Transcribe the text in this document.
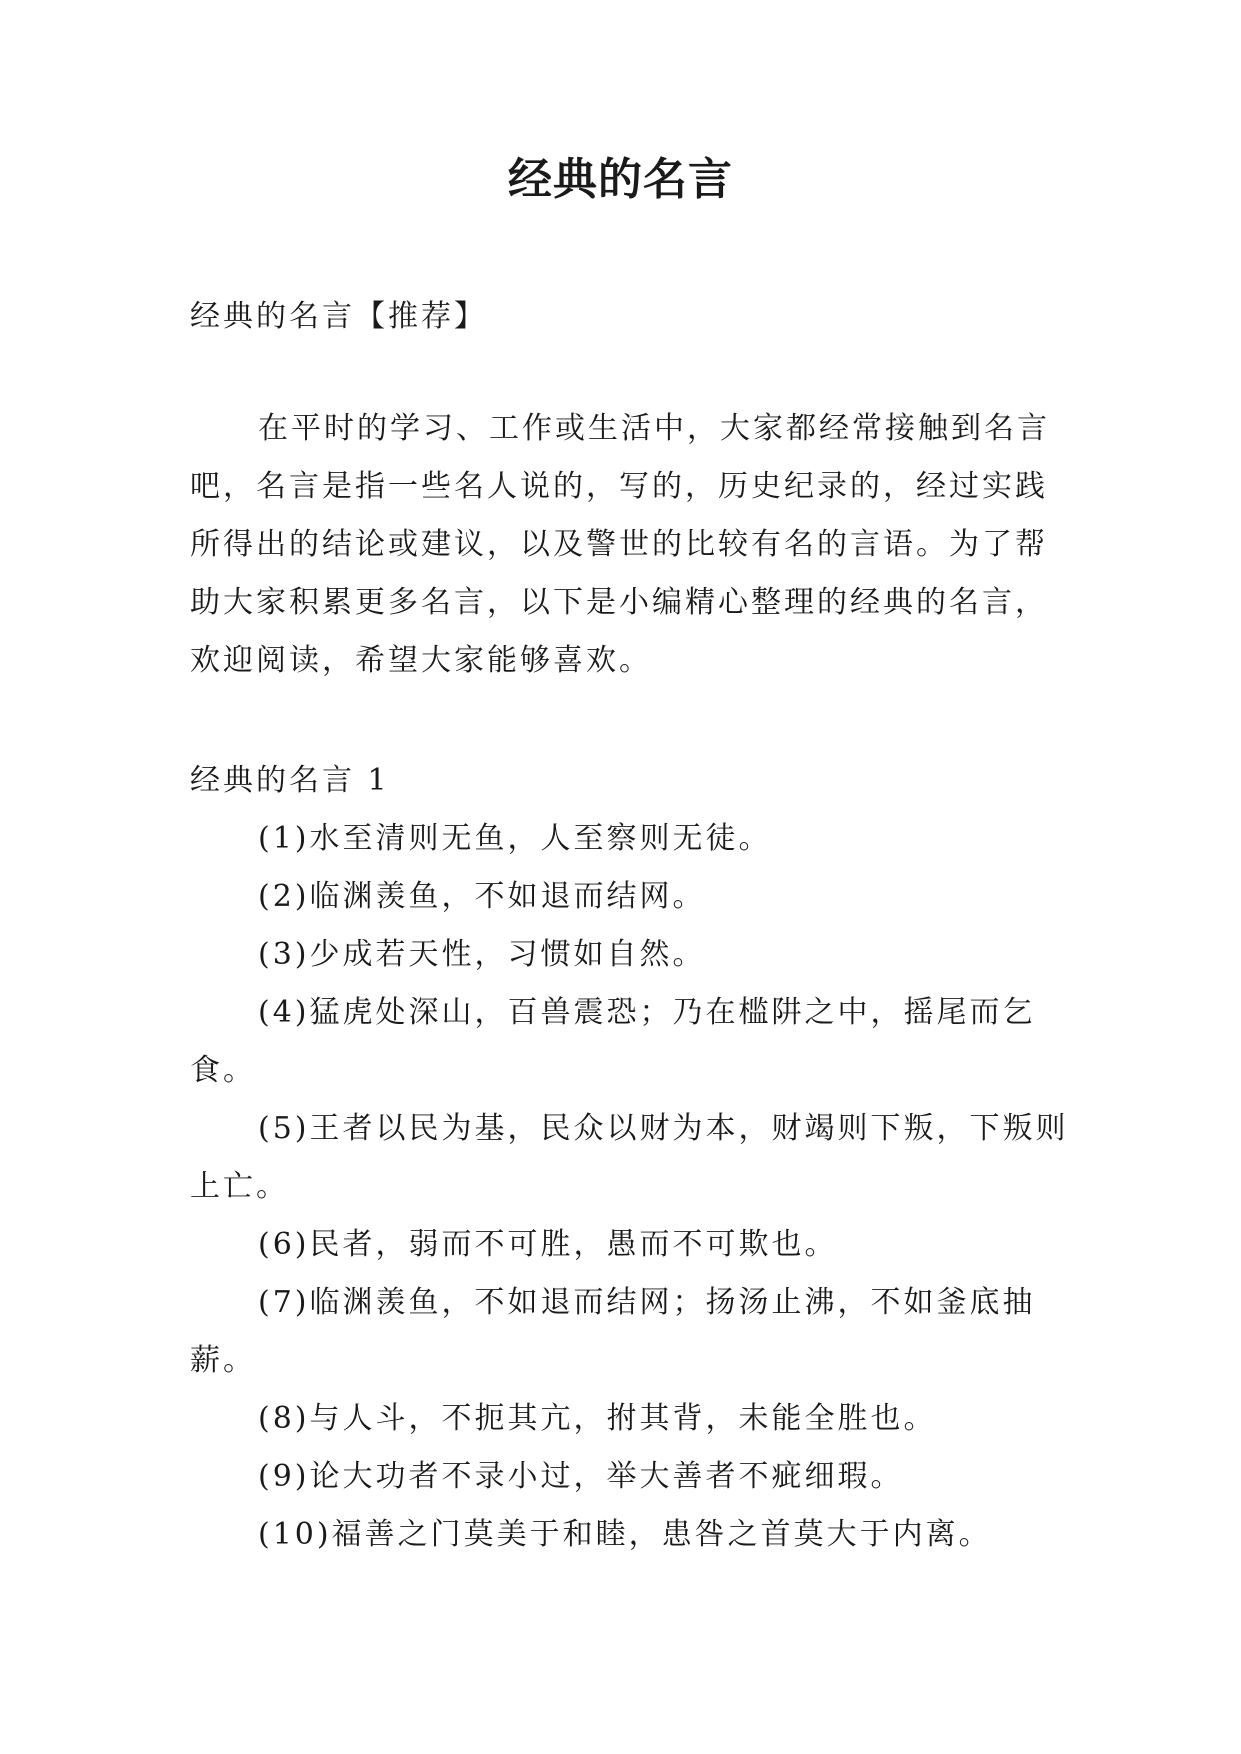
经典的名言

经典的名言【推荐】

在平时的学习、工作或生活中，大家都经常接触到名言吧，名言是指一些名人说的，写的，历史纪录的，经过实践所得出的结论或建议，以及警世的比较有名的言语。为了帮助大家积累更多名言，以下是小编精心整理的经典的名言，欢迎阅读，希望大家能够喜欢。

经典的名言 1

(1)水至清则无鱼，人至察则无徒。

(2)临渊羡鱼，不如退而结网。

(3)少成若天性，习惯如自然。

(4)猛虎处深山，百兽震恐；乃在槛阱之中，摇尾而乞食。

(5)王者以民为基，民众以财为本，财竭则下叛，下叛则上亡。

(6)民者，弱而不可胜，愚而不可欺也。

(7)临渊羡鱼，不如退而结网；扬汤止沸，不如釜底抽薪。

(8)与人斗，不扼其亢，拊其背，未能全胜也。

(9)论大功者不录小过，举大善者不疵细瑕。

(10)福善之门莫美于和睦，患咎之首莫大于内离。
